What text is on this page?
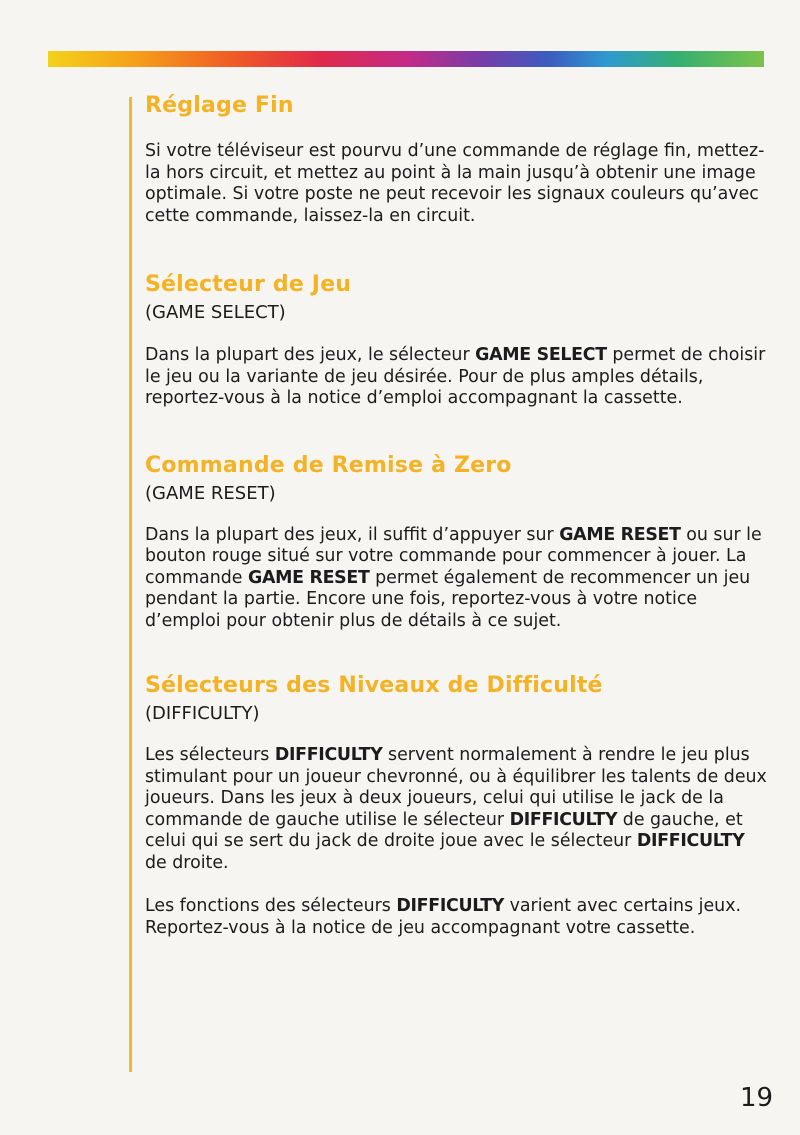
Réglage Fin

Si votre téléviseur est pourvu d’une commande de réglage fin, mettez-la hors circuit, et mettez au point à la main jusqu’à obtenir une image optimale. Si votre poste ne peut recevoir les signaux couleurs qu’avec cette commande, laissez-la en circuit.

Sélecteur de Jeu

(GAME SELECT)

Dans la plupart des jeux, le sélecteur GAME SELECT permet de choisir le jeu ou la variante de jeu désirée. Pour de plus amples détails, reportez-vous à la notice d’emploi accompagnant la cassette.

Commande de Remise à Zero

(GAME RESET)

Dans la plupart des jeux, il suffit d’appuyer sur GAME RESET ou sur le bouton rouge situé sur votre commande pour commencer à jouer. La commande GAME RESET permet également de recommencer un jeu pendant la partie. Encore une fois, reportez-vous à votre notice d’emploi pour obtenir plus de détails à ce sujet.

Sélecteurs des Niveaux de Difficulté

(DIFFICULTY)

Les sélecteurs DIFFICULTY servent normalement à rendre le jeu plus stimulant pour un joueur chevronné, ou à équilibrer les talents de deux joueurs. Dans les jeux à deux joueurs, celui qui utilise le jack de la commande de gauche utilise le sélecteur DIFFICULTY de gauche, et celui qui se sert du jack de droite joue avec le sélecteur DIFFICULTY de droite.

Les fonctions des sélecteurs DIFFICULTY varient avec certains jeux. Reportez-vous à la notice de jeu accompagnant votre cassette.

19
